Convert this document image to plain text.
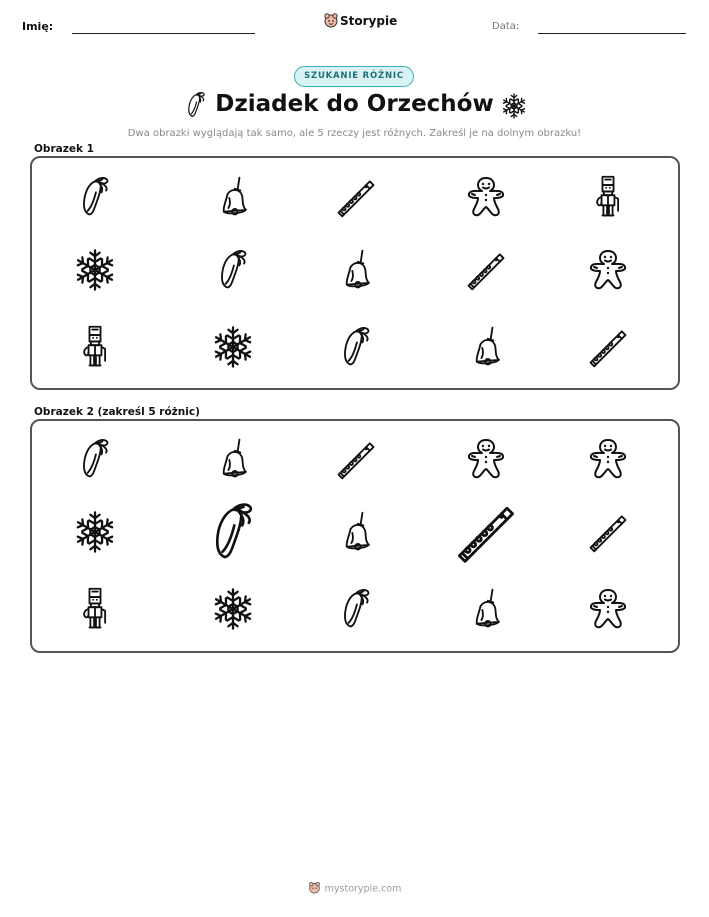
Imię:	Storypie	Data:
SZUKANIE RÓŻNIC
Dziadek do Orzechów
Dwa obrazki wyglądają tak samo, ale 5 rzeczy jest różnych. Zakreśl je na dolnym obrazku!
Obrazek 1
Obrazek 2 (zakreśl 5 różnic)
mystorypie.com
